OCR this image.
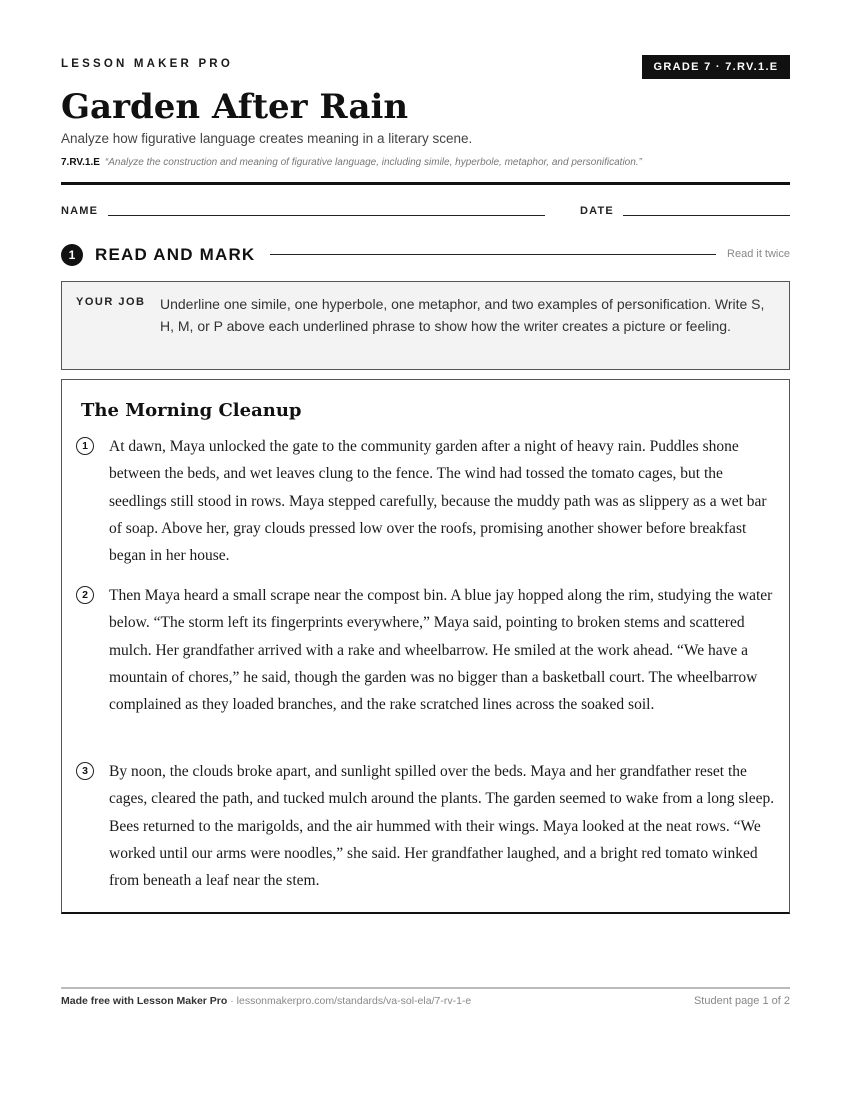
LESSON MAKER PRO	GRADE 7 · 7.RV.1.E
Garden After Rain
Analyze how figurative language creates meaning in a literary scene.
7.RV.1.E “Analyze the construction and meaning of figurative language, including simile, hyperbole, metaphor, and personification.”
NAME	DATE
1	READ AND MARK	Read it twice
YOUR JOB Underline one simile, one hyperbole, one metaphor, and two examples of personification. Write S, H, M, or P above each underlined phrase to show how the writer creates a picture or feeling.
The Morning Cleanup
1	At dawn, Maya unlocked the gate to the community garden after a night of heavy rain. Puddles shone between the beds, and wet leaves clung to the fence. The wind had tossed the tomato cages, but the seedlings still stood in rows. Maya stepped carefully, because the muddy path was as slippery as a wet bar of soap. Above her, gray clouds pressed low over the roofs, promising another shower before breakfast began in her house.
2	Then Maya heard a small scrape near the compost bin. A blue jay hopped along the rim, studying the water below. “The storm left its fingerprints everywhere,” Maya said, pointing to broken stems and scattered mulch. Her grandfather arrived with a rake and wheelbarrow. He smiled at the work ahead. “We have a mountain of chores,” he said, though the garden was no bigger than a basketball court. The wheelbarrow complained as they loaded branches, and the rake scratched lines across the soaked soil.
3	By noon, the clouds broke apart, and sunlight spilled over the beds. Maya and her grandfather reset the cages, cleared the path, and tucked mulch around the plants. The garden seemed to wake from a long sleep. Bees returned to the marigolds, and the air hummed with their wings. Maya looked at the neat rows. “We worked until our arms were noodles,” she said. Her grandfather laughed, and a bright red tomato winked from beneath a leaf near the stem.
Made free with Lesson Maker Pro · lessonmakerpro.com/standards/va-sol-ela/7-rv-1-e	Student page 1 of 2
